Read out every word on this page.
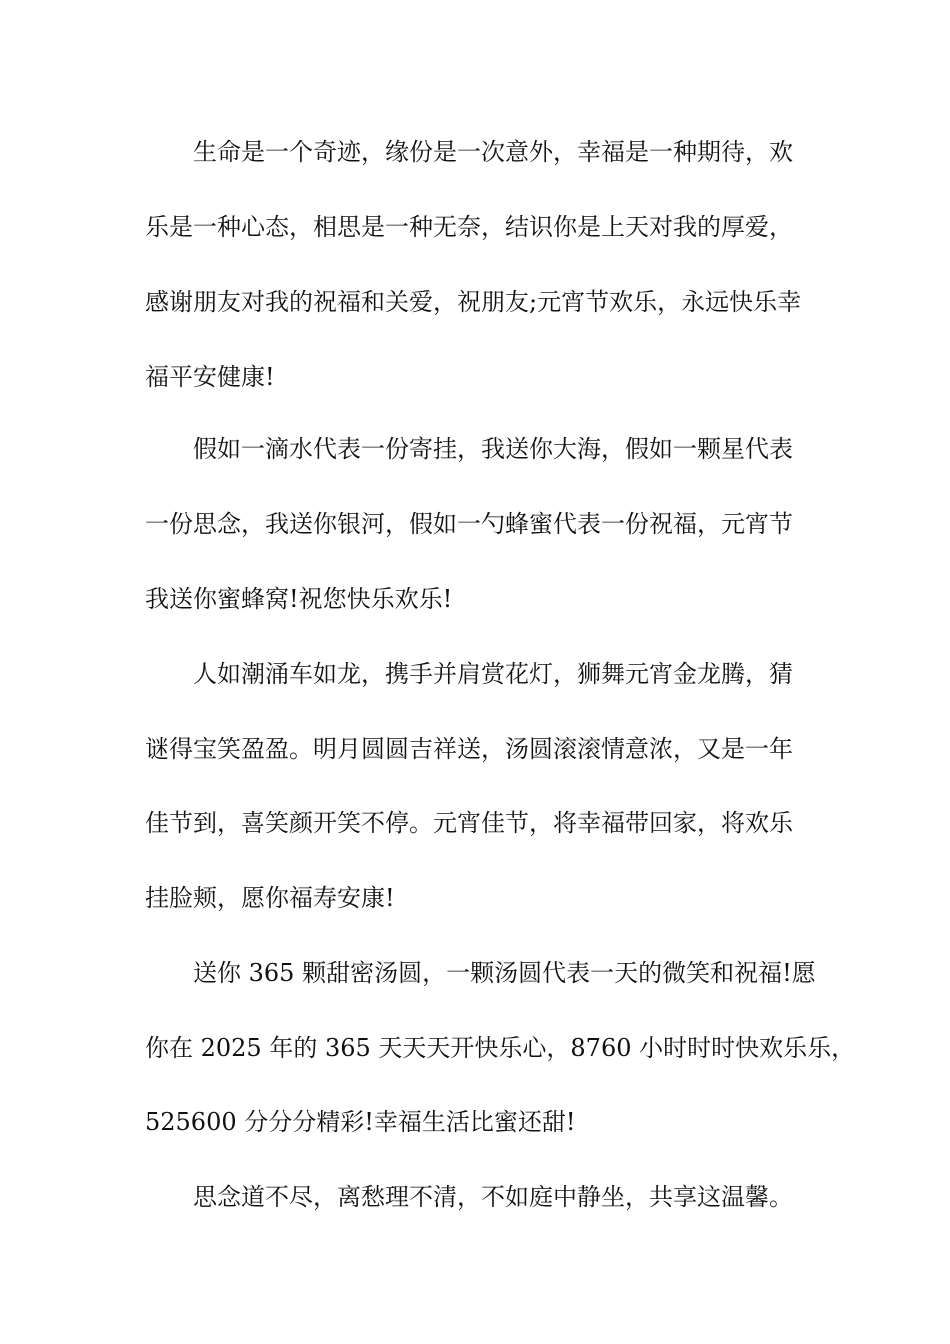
生命是一个奇迹，缘份是一次意外，幸福是一种期待，欢
乐是一种心态，相思是一种无奈，结识你是上天对我的厚爱，
感谢朋友对我的祝福和关爱，祝朋友;元宵节欢乐，永远快乐幸
福平安健康!
假如一滴水代表一份寄挂，我送你大海，假如一颗星代表
一份思念，我送你银河，假如一勺蜂蜜代表一份祝福，元宵节
我送你蜜蜂窝!祝您快乐欢乐!
人如潮涌车如龙，携手并肩赏花灯，狮舞元宵金龙腾，猜
谜得宝笑盈盈。明月圆圆吉祥送，汤圆滚滚情意浓，又是一年
佳节到，喜笑颜开笑不停。元宵佳节，将幸福带回家，将欢乐
挂脸颊，愿你福寿安康!
送你 365 颗甜密汤圆，一颗汤圆代表一天的微笑和祝福!愿
你在 2025 年的 365 天天天开快乐心，8760 小时时时快欢乐乐，
525600 分分分精彩!幸福生活比蜜还甜!
思念道不尽，离愁理不清，不如庭中静坐，共享这温馨。
